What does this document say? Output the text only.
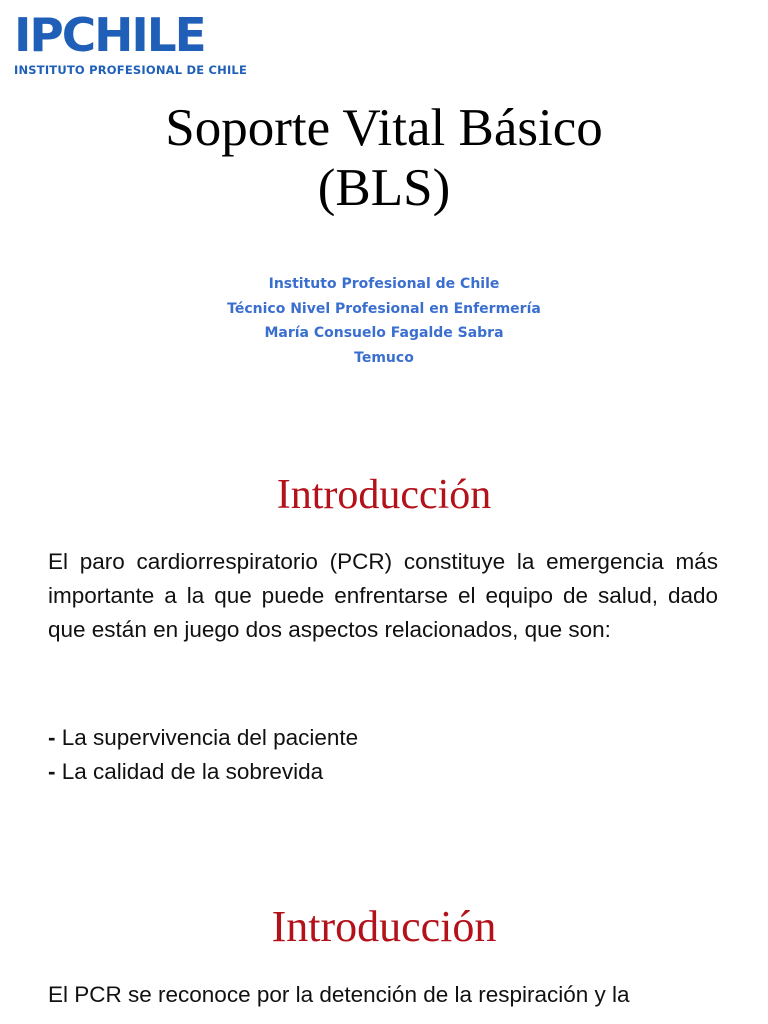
IPCHILE
INSTITUTO PROFESIONAL DE CHILE
Soporte Vital Básico
(BLS)
Instituto Profesional de Chile
Técnico Nivel Profesional en Enfermería
María Consuelo Fagalde Sabra
Temuco
Introducción
El paro cardiorrespiratorio (PCR) constituye la emergencia más importante a la que puede enfrentarse el equipo de salud, dado que están en juego dos aspectos relacionados, que son:
- La supervivencia del paciente
- La calidad de la sobrevida
Introducción
El PCR se reconoce por la detención de la respiración y la
